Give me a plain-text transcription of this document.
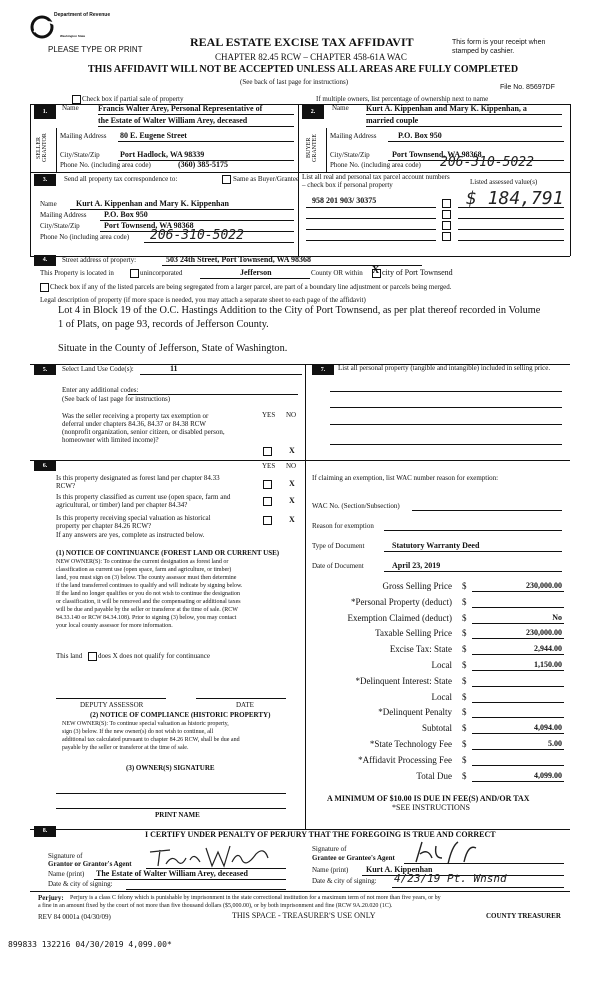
Department of Revenue
Washington State
PLEASE TYPE OR PRINT
REAL ESTATE EXCISE TAX AFFIDAVIT
CHAPTER 82.45 RCW – CHAPTER 458-61A WAC
THIS AFFIDAVIT WILL NOT BE ACCEPTED UNLESS ALL AREAS ARE FULLY COMPLETED
(See back of last page for instructions)
This form is your receipt when stamped by cashier.
File No. 85697DF
Check box if partial sale of property	If multiple owners, list percentage of ownership next to name
1.
SELLER GRANTOR
Name Francis Walter Arey, Personal Representative of
the Estate of Walter William Arey, deceased
Mailing Address 80 E. Eugene Street
City/State/Zip	Port Hadlock, WA 98339
Phone No. (including area code)	(360) 385-5175
2.
BUYER GRANTEE
Name Kurt A. Kippenhan and Mary K. Kippenhan, a
married couple
Mailing Address	P.O. Box 950
City/State/Zip	Port Townsend, WA 98368
Phone No. (including area code) 206-310-5022
3.	Send all property tax correspondence to:	Same as Buyer/Grantee List all real and personal tax parcel account numbers – check box if personal property	Listed assessed value(s)
Name Kurt A. Kippenhan and Mary K. Kippenhan
Mailing Address P.O. Box 950
City/State/Zip	Port Townsend, WA 98368
Phone No (including area code) 206-310-5022
958 201 903/ 30375	$ 184,791
4.	Street address of property:	503 24th Street, Port Townsend, WA 98368
This Property is located in	unincorporated	Jefferson	County OR within X city of Port Townsend
Check box if any of the listed parcels are being segregated from a larger parcel, are part of a boundary line adjustment or parcels being merged.
Legal description of property (if more space is needed, you may attach a separate sheet to each page of the affidavit)
Lot 4 in Block 19 of the O.C. Hastings Addition to the City of Port Townsend, as per plat thereof recorded in Volume
1 of Plats, on page 93, records of Jefferson County.
Situate in the County of Jefferson, State of Washington.
5.	Select Land Use Code(s):	11
Enter any additional codes:
(See back of last page for instructions)
YES NO
Was the seller receiving a property tax exemption or
deferral under chapters 84.36, 84.37 or 84.38 RCW
(nonprofit organization, senior citizen, or disabled person,
homeowner with limited income)?
X
6.	YES NO
Is this property designated as forest land per chapter 84.33
RCW?	X
Is this property classified as current use (open space, farm and
agricultural, or timber) land per chapter 84.34?	X
Is this property receiving special valuation as historical
property per chapter 84.26 RCW?
X
If any answers are yes, complete as instructed below.
(1) NOTICE OF CONTINUANCE (FOREST LAND OR CURRENT USE)
NEW OWNER(S): To continue the current designation as forest land or
classification as current use (open space, farm and agriculture, or timber)
land, you must sign on (3) below. The county assessor must then determine
if the land transferred continues to qualify and will indicate by signing below.
If the land no longer qualifies or you do not wish to continue the designation
or classification, it will be removed and the compensating or additional taxes
will be due and payable by the seller or transferor at the time of sale. (RCW
84.33.140 or RCW 84.34.108). Prior to signing (3) below, you may contact
your local county assessor for more information.
This land does X does not qualify for continuance
DEPUTY ASSESSOR	DATE
(2) NOTICE OF COMPLIANCE (HISTORIC PROPERTY)
NEW OWNER(S): To continue special valuation as historic property,
sign (3) below. If the new owner(s) do not wish to continue, all
additional tax calculated pursuant to chapter 84.26 RCW, shall be due and
payable by the seller or transferor at the time of sale.
(3) OWNER(S) SIGNATURE
PRINT NAME
7.	List all personal property (tangible and intangible) included in selling price.
If claiming an exemption, list WAC number reason for exemption:
WAC No. (Section/Subsection)
Reason for exemption
Type of Document	Statutory Warranty Deed
Date of Document	April 23, 2019
Gross Selling Price $	230,000.00
*Personal Property (deduct) $
Exemption Claimed (deduct) $	No
Taxable Selling Price $	230,000.00
Excise Tax: State $	2,944.00
Local $	1,150.00
*Delinquent Interest: State $
Local $
*Delinquent Penalty $
Subtotal $	4,094.00
*State Technology Fee $	5.00
*Affidavit Processing Fee $
Total Due $	4,099.00
A MINIMUM OF $10.00 IS DUE IN FEE(S) AND/OR TAX
*SEE INSTRUCTIONS
8.	I CERTIFY UNDER PENALTY OF PERJURY THAT THE FOREGOING IS TRUE AND CORRECT
Signature of
Grantor or Grantor's Agent
Name (print) The Estate of Walter William Arey, deceased
Date & city of signing:
Signature of
Grantee or Grantee's Agent
Name (print) Kurt A. Kippenhan
Date & city of signing: 4/23/19 Pt. Wnsnd
Perjury: Perjury is a class C felony which is punishable by imprisonment in the state correctional institution for a maximum term of not more than five years, or by
a fine in an amount fixed by the court of not more than five thousand dollars ($5,000.00), or by both imprisonment and fine (RCW 9A.20.020 (1C).
REV 84 0001a (04/30/09)	THIS SPACE - TREASURER'S USE ONLY	COUNTY TREASURER
899833 132216 04/30/2019 4,099.00*
